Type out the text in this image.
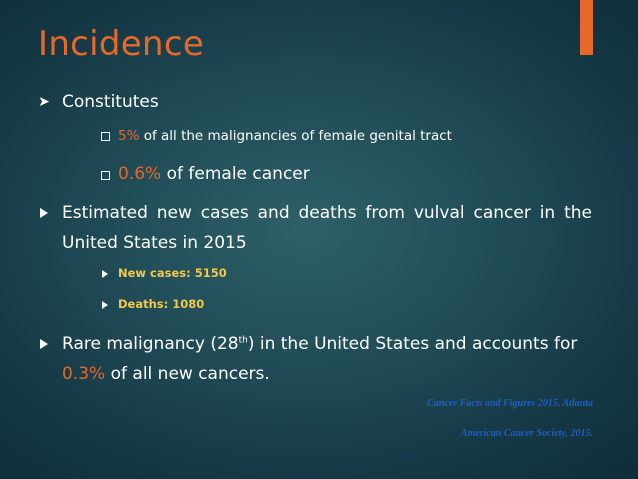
Incidence
➤ Constitutes
5% of all the malignancies of female genital tract
0.6% of female cancer
Estimated new cases and deaths from vulval cancer in the
United States in 2015
New cases: 5150
Deaths: 1080
Rare malignancy (28th) in the United States and accounts for
0.3% of all new cancers.
Cancer Facts and Figures 2015. Atlanta
American Cancer Society, 2015.
